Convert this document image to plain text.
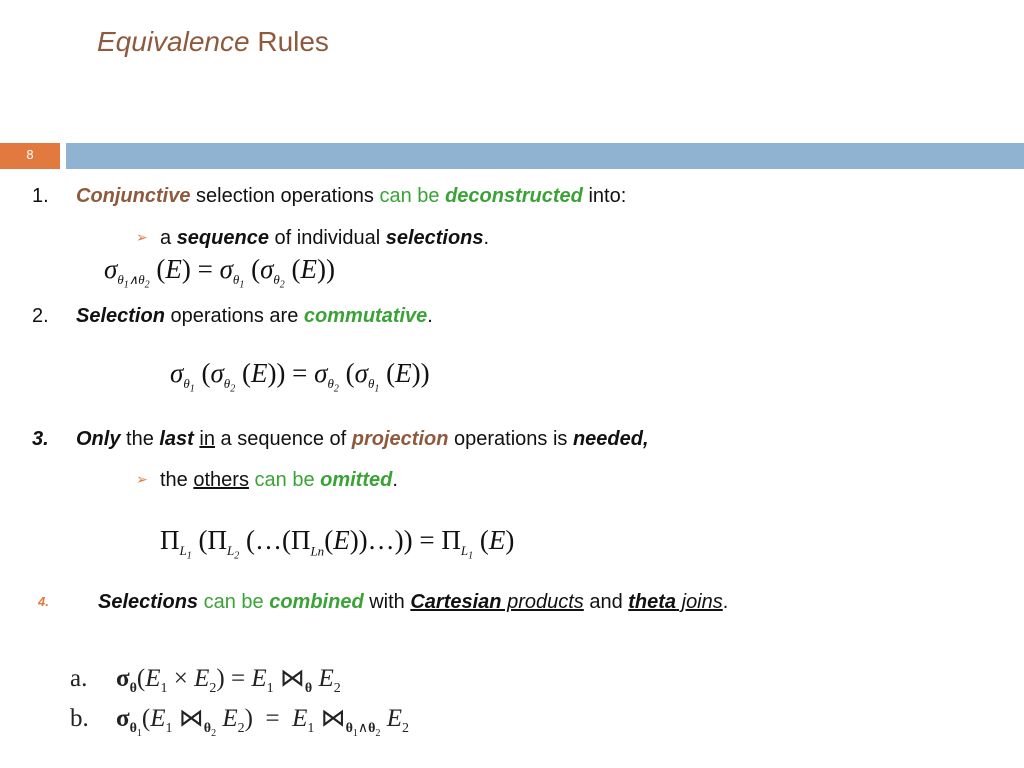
Equivalence Rules
8
1. Conjunctive selection operations can be deconstructed into:
➢ a sequence of individual selections.
$\sigma_{\theta_1\wedge\theta_2}$ $(E) = \sigma_{\theta_1}$ ($\sigma_{\theta_2}$ (E))
2. Selection operations are commutative.
$\sigma_{\theta_1}$ ($\sigma_{\theta_2}$ $(E)) = \sigma_{\theta_2}$ ($\sigma_{\theta_1}$ (E))
3. Only the last in a sequence of projection operations is needed,
➢ the others can be omitted.
$\Pi_{L_1}$ ($\Pi_{L_2}$ $(\dots(\Pi_{Ln}(E))\dots)) = \Pi_{L_1}$ (E)
4. Selections can be combined with Cartesian products and theta joins.
a. $\sigma_\theta(E_1 \times E_2) = E_1$ $⋈_\theta$ $E_2$
b. $\sigma_{\theta_1}(E_1$ $⋈_{\theta_2}$ $E_2) = E_1$ $⋈_{\theta_1\wedge\theta_2}$ $E_2$
